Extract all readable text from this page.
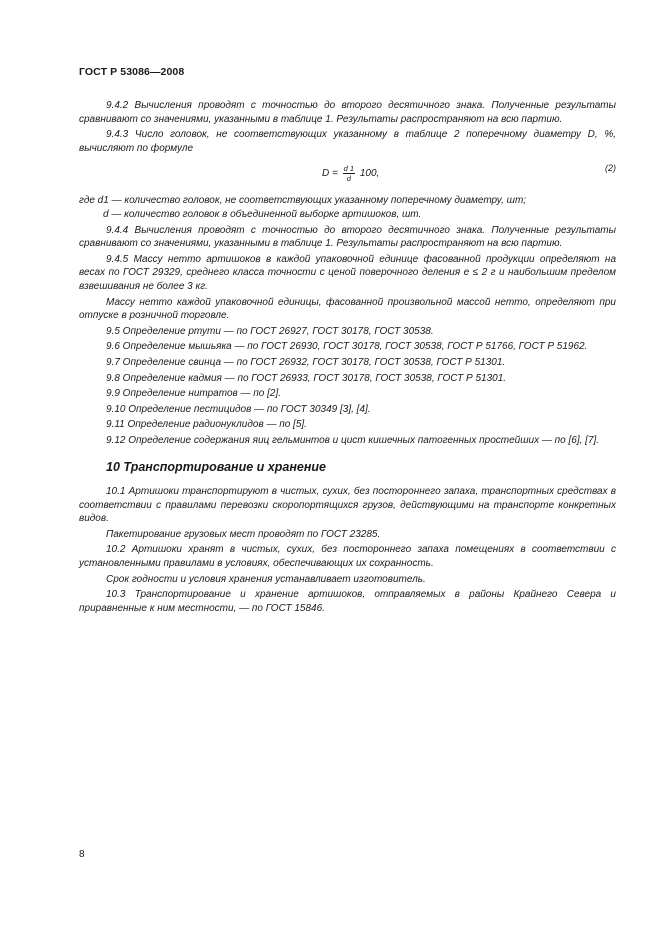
ГОСТ Р 53086—2008

9.4.2 Вычисления проводят с точностью до второго десятичного знака. Полученные результаты сравнивают со значениями, указанными в таблице 1. Результаты распространяют на всю партию.

9.4.3 Число головок, не соответствующих указанному в таблице 2 поперечному диаметру D, %, вычисляют по формуле

$D = \frac{d 1}{d} 100$,
(2)

где d1 — количество головок, не соответствующих указанному поперечному диаметру, шт;

d — количество головок в объединенной выборке артишоков, шт.

9.4.4 Вычисления проводят с точностью до второго десятичного знака. Полученные результаты сравнивают со значениями, указанными в таблице 1. Результаты распространяют на всю партию.

9.4.5 Массу нетто артишоков в каждой упаковочной единице фасованной продукции определяют на весах по ГОСТ 29329, среднего класса точности с ценой поверочного деления e ≤ 2 г и наибольшим пределом взвешивания не более 3 кг.

Массу нетто каждой упаковочной единицы, фасованной произвольной массой нетто, определяют при отпуске в розничной торговле.

9.5 Определение ртути — по ГОСТ 26927, ГОСТ 30178, ГОСТ 30538.

9.6 Определение мышьяка — по ГОСТ 26930, ГОСТ 30178, ГОСТ 30538, ГОСТ Р 51766, ГОСТ Р 51962.

9.7 Определение свинца — по ГОСТ 26932, ГОСТ 30178, ГОСТ 30538, ГОСТ Р 51301.

9.8 Определение кадмия — по ГОСТ 26933, ГОСТ 30178, ГОСТ 30538, ГОСТ Р 51301.

9.9 Определение нитратов — по [2].

9.10 Определение пестицидов — по ГОСТ 30349 [3], [4].

9.11 Определение радионуклидов — по [5].

9.12 Определение содержания яиц гельминтов и цист кишечных патогенных простейших — по [6], [7].

10 Транспортирование и хранение

10.1 Артишоки транспортируют в чистых, сухих, без постороннего запаха, транспортных средствах в соответствии с правилами перевозки скоропортящихся грузов, действующими на транспорте конкретных видов.

Пакетирование грузовых мест проводят по ГОСТ 23285.

10.2 Артишоки хранят в чистых, сухих, без постороннего запаха помещениях в соответствии с установленными правилами в условиях, обеспечивающих их сохранность.

Срок годности и условия хранения устанавливает изготовитель.

10.3 Транспортирование и хранение артишоков, отправляемых в районы Крайнего Севера и приравненные к ним местности, — по ГОСТ 15846.

8
